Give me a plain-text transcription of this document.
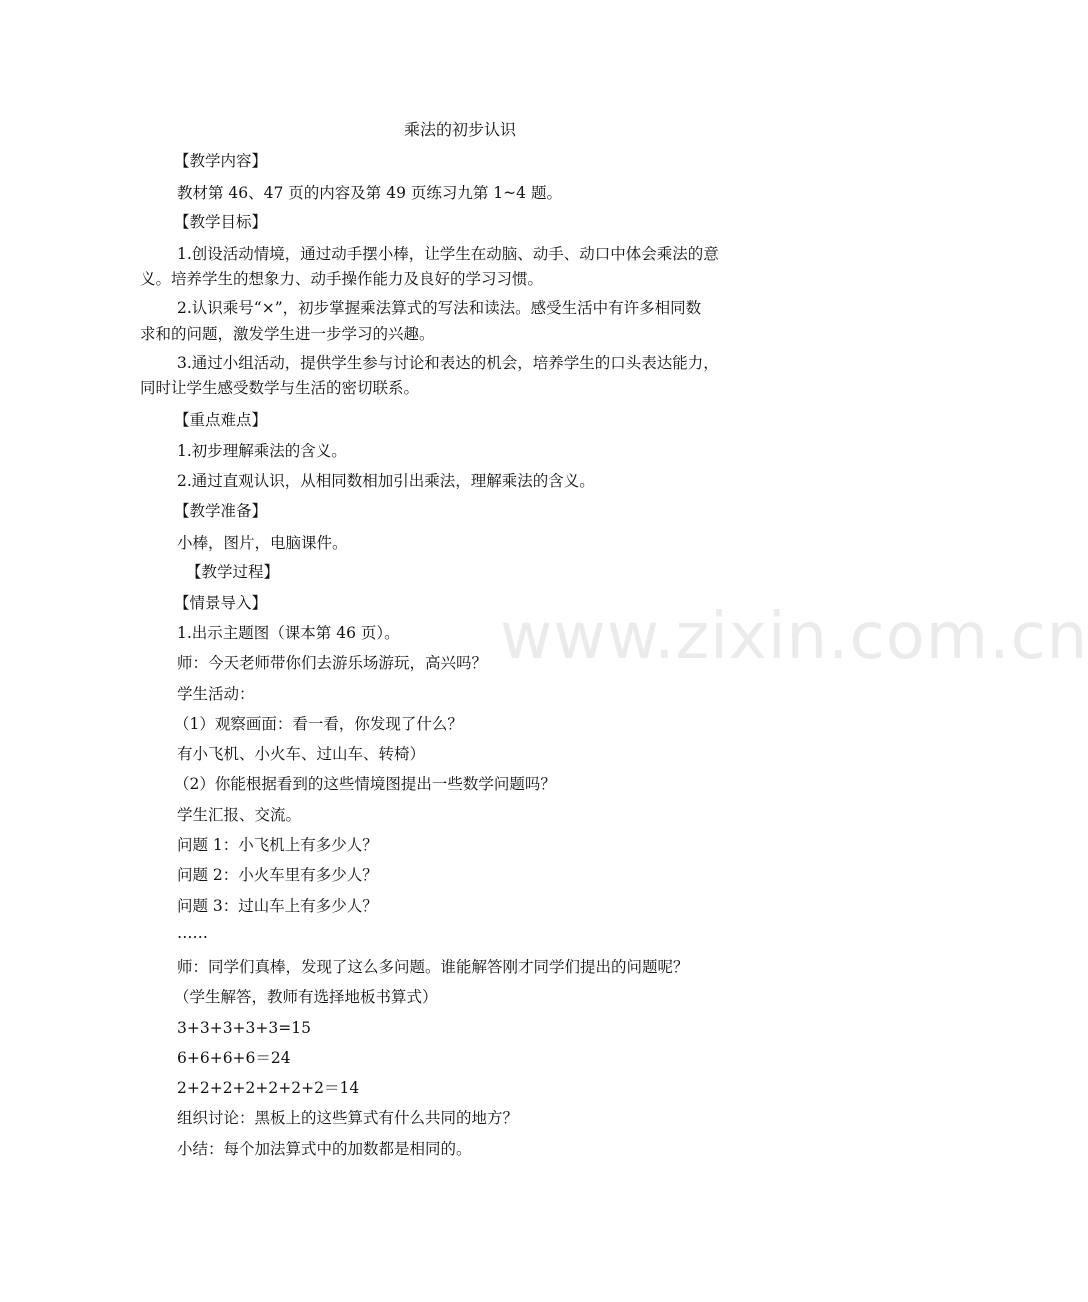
www.zixin.com.cn
乘法的初步认识
【教学内容】
教材第 46、47 页的内容及第 49 页练习九第 1~4 题。
【教学目标】
1.创设活动情境，通过动手摆小棒，让学生在动脑、动手、动口中体会乘法的意
义。培养学生的想象力、动手操作能力及良好的学习习惯。
2.认识乘号“×”，初步掌握乘法算式的写法和读法。感受生活中有许多相同数
求和的问题，激发学生进一步学习的兴趣。
3.通过小组活动，提供学生参与讨论和表达的机会，培养学生的口头表达能力，
同时让学生感受数学与生活的密切联系。
【重点难点】
1.初步理解乘法的含义。
2.通过直观认识，从相同数相加引出乘法，理解乘法的含义。
【教学准备】
小棒，图片，电脑课件。
【教学过程】
【情景导入】
1.出示主题图（课本第 46 页）。
师：今天老师带你们去游乐场游玩，高兴吗？
学生活动：
（1）观察画面：看一看，你发现了什么？
有小飞机、小火车、过山车、转椅）
（2）你能根据看到的这些情境图提出一些数学问题吗？
学生汇报、交流。
问题 1：小飞机上有多少人？
问题 2：小火车里有多少人？
问题 3：过山车上有多少人？
……
师：同学们真棒，发现了这么多问题。谁能解答刚才同学们提出的问题呢？
（学生解答，教师有选择地板书算式）
3+3+3+3+3=15
6+6+6+6＝24
2+2+2+2+2+2+2＝14
组织讨论：黑板上的这些算式有什么共同的地方？
小结：每个加法算式中的加数都是相同的。
